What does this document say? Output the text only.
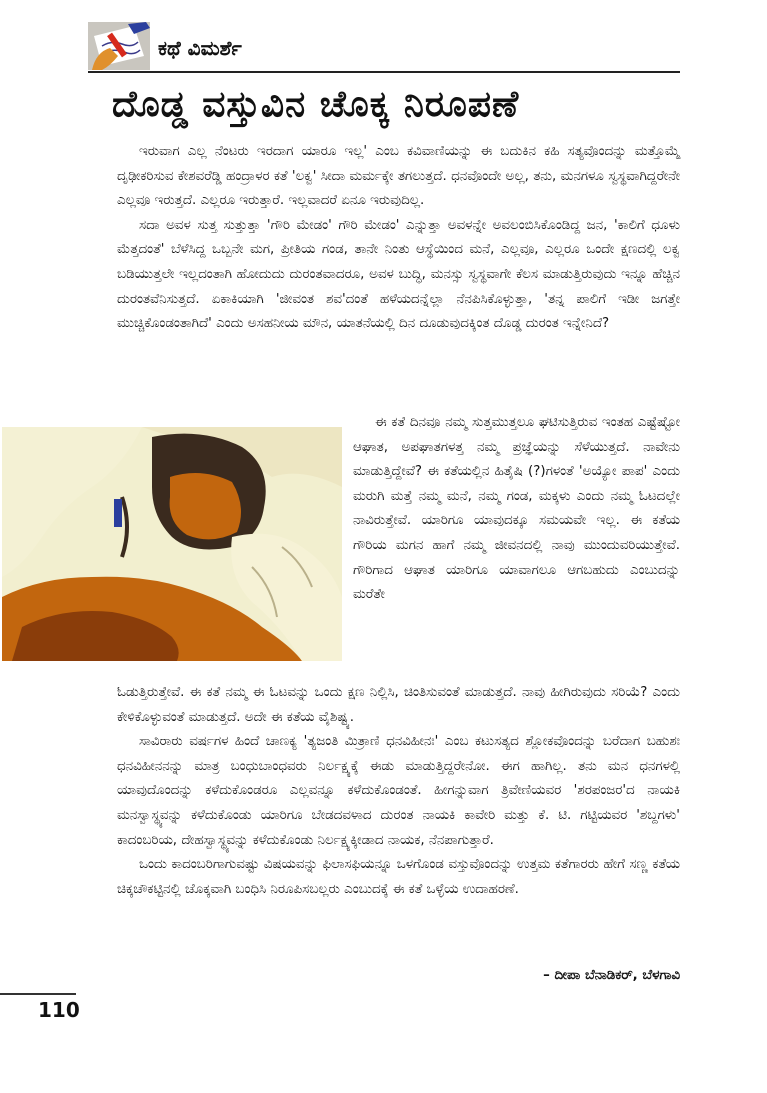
ಕಥೆ ವಿಮರ್ಶೆ
ದೊಡ್ಡ ವಸ್ತುವಿನ ಚೊಕ್ಕ ನಿರೂಪಣೆ

ಇರುವಾಗ ಎಲ್ಲ ನೆಂಟರು ಇರದಾಗ ಯಾರೂ ಇಲ್ಲ' ಎಂಬ ಕವಿವಾಣಿಯನ್ನು ಈ ಬದುಕಿನ ಕಹಿ ಸತ್ಯವೊಂದನ್ನು ಮತ್ತೊಮ್ಮೆ ದೃಢೀಕರಿಸುವ ಕೇಶವರೆಡ್ಡಿ ಹಂದ್ರಾಳರ ಕತೆ 'ಲಕ್ವ' ಸೀದಾ ಮರ್ಮಕ್ಕೇ ತಗಲುತ್ತದೆ. ಧನವೊಂದೇ ಅಲ್ಲ, ತನು, ಮನಗಳೂ ಸ್ವಸ್ಥವಾಗಿದ್ದರೇನೇ ಎಲ್ಲವೂ ಇರುತ್ತದೆ. ಎಲ್ಲರೂ ಇರುತ್ತಾರೆ. ಇಲ್ಲವಾದರೆ ಏನೂ ಇರುವುದಿಲ್ಲ.

ಸದಾ ಅವಳ ಸುತ್ತ ಸುತ್ತುತ್ತಾ 'ಗೌರಿ ಮೇಡಂ' ಗೌರಿ ಮೇಡಂ' ಎನ್ನುತ್ತಾ ಅವಳನ್ನೇ ಅವಲಂಬಿಸಿಕೊಂಡಿದ್ದ ಜನ, 'ಕಾಲಿಗೆ ಧೂಳು ಮೆತ್ತದಂತೆ' ಬೆಳೆಸಿದ್ದ ಒಬ್ಬನೇ ಮಗ, ಪ್ರೀತಿಯ ಗಂಡ, ತಾನೇ ನಿಂತು ಆಸ್ಥೆಯಿಂದ ಮನೆ, ಎಲ್ಲವೂ, ಎಲ್ಲರೂ ಒಂದೇ ಕ್ಷಣದಲ್ಲಿ ಲಕ್ವ ಬಡಿಯುತ್ತಲೇ ಇಲ್ಲದಂತಾಗಿ ಹೋದುದು ದುರಂತವಾದರೂ, ಅವಳ ಬುದ್ಧಿ, ಮನಸ್ಸು ಸ್ವಸ್ಥವಾಗೇ ಕೆಲಸ ಮಾಡುತ್ತಿರುವುದು ಇನ್ನೂ ಹೆಚ್ಚಿನ ದುರಂತವೆನಿಸುತ್ತದೆ. ಏಕಾಕಿಯಾಗಿ 'ಜೀವಂತ ಶವ'ದಂತೆ ಹಳೆಯದನ್ನೆಲ್ಲಾ ನೆನಪಿಸಿಕೊಳ್ಳುತ್ತಾ, 'ತನ್ನ ಪಾಲಿಗೆ ಇಡೀ ಜಗತ್ತೇ ಮುಚ್ಚಿಕೊಂಡಂತಾಗಿದೆ' ಎಂದು ಅಸಹನೀಯ ಮೌನ, ಯಾತನೆಯಲ್ಲಿ ದಿನ ದೂಡುವುದಕ್ಕಿಂತ ದೊಡ್ಡ ದುರಂತ ಇನ್ನೇನಿದೆ?

ಈ ಕತೆ ದಿನವೂ ನಮ್ಮ ಸುತ್ತಮುತ್ತಲೂ ಘಟಿಸುತ್ತಿರುವ ಇಂತಹ ಎಷ್ಟೆಷ್ಟೋ ಆಘಾತ, ಅಪಘಾತಗಳತ್ತ ನಮ್ಮ ಪ್ರಜ್ಞೆಯನ್ನು ಸೆಳೆಯುತ್ತದೆ. ನಾವೇನು ಮಾಡುತ್ತಿದ್ದೇವೆ? ಈ ಕತೆಯಲ್ಲಿನ ಹಿತೈಷಿ (?)ಗಳಂತೆ 'ಅಯ್ಯೋ ಪಾಪ' ಎಂದು ಮರುಗಿ ಮತ್ತೆ ನಮ್ಮ ಮನೆ, ನಮ್ಮ ಗಂಡ, ಮಕ್ಕಳು ಎಂದು ನಮ್ಮ ಓಟದಲ್ಲೇ ನಾವಿರುತ್ತೇವೆ. ಯಾರಿಗೂ ಯಾವುದಕ್ಕೂ ಸಮಯವೇ ಇಲ್ಲ. ಈ ಕತೆಯ ಗೌರಿಯ ಮಗನ ಹಾಗೆ ನಮ್ಮ ಜೀವನದಲ್ಲಿ ನಾವು ಮುಂದುವರಿಯುತ್ತೇವೆ. ಗೌರಿಗಾದ ಆಘಾತ ಯಾರಿಗೂ ಯಾವಾಗಲೂ ಆಗಬಹುದು ಎಂಬುದನ್ನು ಮರೆತೇ

ಓಡುತ್ತಿರುತ್ತೇವೆ. ಈ ಕತೆ ನಮ್ಮ ಈ ಓಟವನ್ನು ಒಂದು ಕ್ಷಣ ನಿಲ್ಲಿಸಿ, ಚಿಂತಿಸುವಂತೆ ಮಾಡುತ್ತದೆ. ನಾವು ಹೀಗಿರುವುದು ಸರಿಯೆ? ಎಂದು ಕೇಳಿಕೊಳ್ಳುವಂತೆ ಮಾಡುತ್ತದೆ. ಅದೇ ಈ ಕತೆಯ ವೈಶಿಷ್ಟ್ಯ.

ಸಾವಿರಾರು ವರ್ಷಗಳ ಹಿಂದೆ ಚಾಣಕ್ಯ 'ತ್ಯಜಂತಿ ಮಿತ್ರಾಣಿ ಧನವಿಹೀನಃ' ಎಂಬ ಕಟುಸತ್ಯದ ಶ್ಲೋಕವೊಂದನ್ನು ಬರೆದಾಗ ಬಹುಶಃ ಧನವಿಹೀನನನ್ನು ಮಾತ್ರ ಬಂಧುಬಾಂಧವರು ನಿರ್ಲಕ್ಷ್ಯಕ್ಕೆ ಈಡು ಮಾಡುತ್ತಿದ್ದರೇನೋ. ಈಗ ಹಾಗಿಲ್ಲ. ತನು ಮನ ಧನಗಳಲ್ಲಿ ಯಾವುದೊಂದನ್ನು ಕಳೆದುಕೊಂಡರೂ ಎಲ್ಲವನ್ನೂ ಕಳೆದುಕೊಂಡಂತೆ. ಹೀಗನ್ನುವಾಗ ತ್ರಿವೇಣಿಯವರ 'ಶರಪಂಜರ'ದ ನಾಯಕಿ ಮನಸ್ವಾಸ್ಥ್ಯವನ್ನು ಕಳೆದುಕೊಂಡು ಯಾರಿಗೂ ಬೇಡದವಳಾದ ದುರಂತ ನಾಯಕಿ ಕಾವೇರಿ ಮತ್ತು ಕೆ. ಟಿ. ಗಟ್ಟಿಯವರ 'ಶಬ್ದಗಳು' ಕಾದಂಬರಿಯ, ದೇಹಸ್ವಾಸ್ಥ್ಯವನ್ನು ಕಳೆದುಕೊಂಡು ನಿರ್ಲಕ್ಷ್ಯಕ್ಕೀಡಾದ ನಾಯಕ, ನೆನಪಾಗುತ್ತಾರೆ.

ಒಂದು ಕಾದಂಬರಿಗಾಗುವಷ್ಟು ವಿಷಯವನ್ನು ಫಿಲಾಸಫಿಯನ್ನೂ ಒಳಗೊಂಡ ವಸ್ತುವೊಂದನ್ನು ಉತ್ತಮ ಕತೆಗಾರರು ಹೇಗೆ ಸಣ್ಣ ಕತೆಯ ಚಿಕ್ಕಚೌಕಟ್ಟಿನಲ್ಲಿ ಚೊಕ್ಕವಾಗಿ ಬಂಧಿಸಿ ನಿರೂಪಿಸಬಲ್ಲರು ಎಂಬುದಕ್ಕೆ ಈ ಕತೆ ಒಳ್ಳೆಯ ಉದಾಹರಣೆ.

– ದೀಪಾ ಬೆನಾಡಿಕರ್, ಬೆಳಗಾವಿ
110
